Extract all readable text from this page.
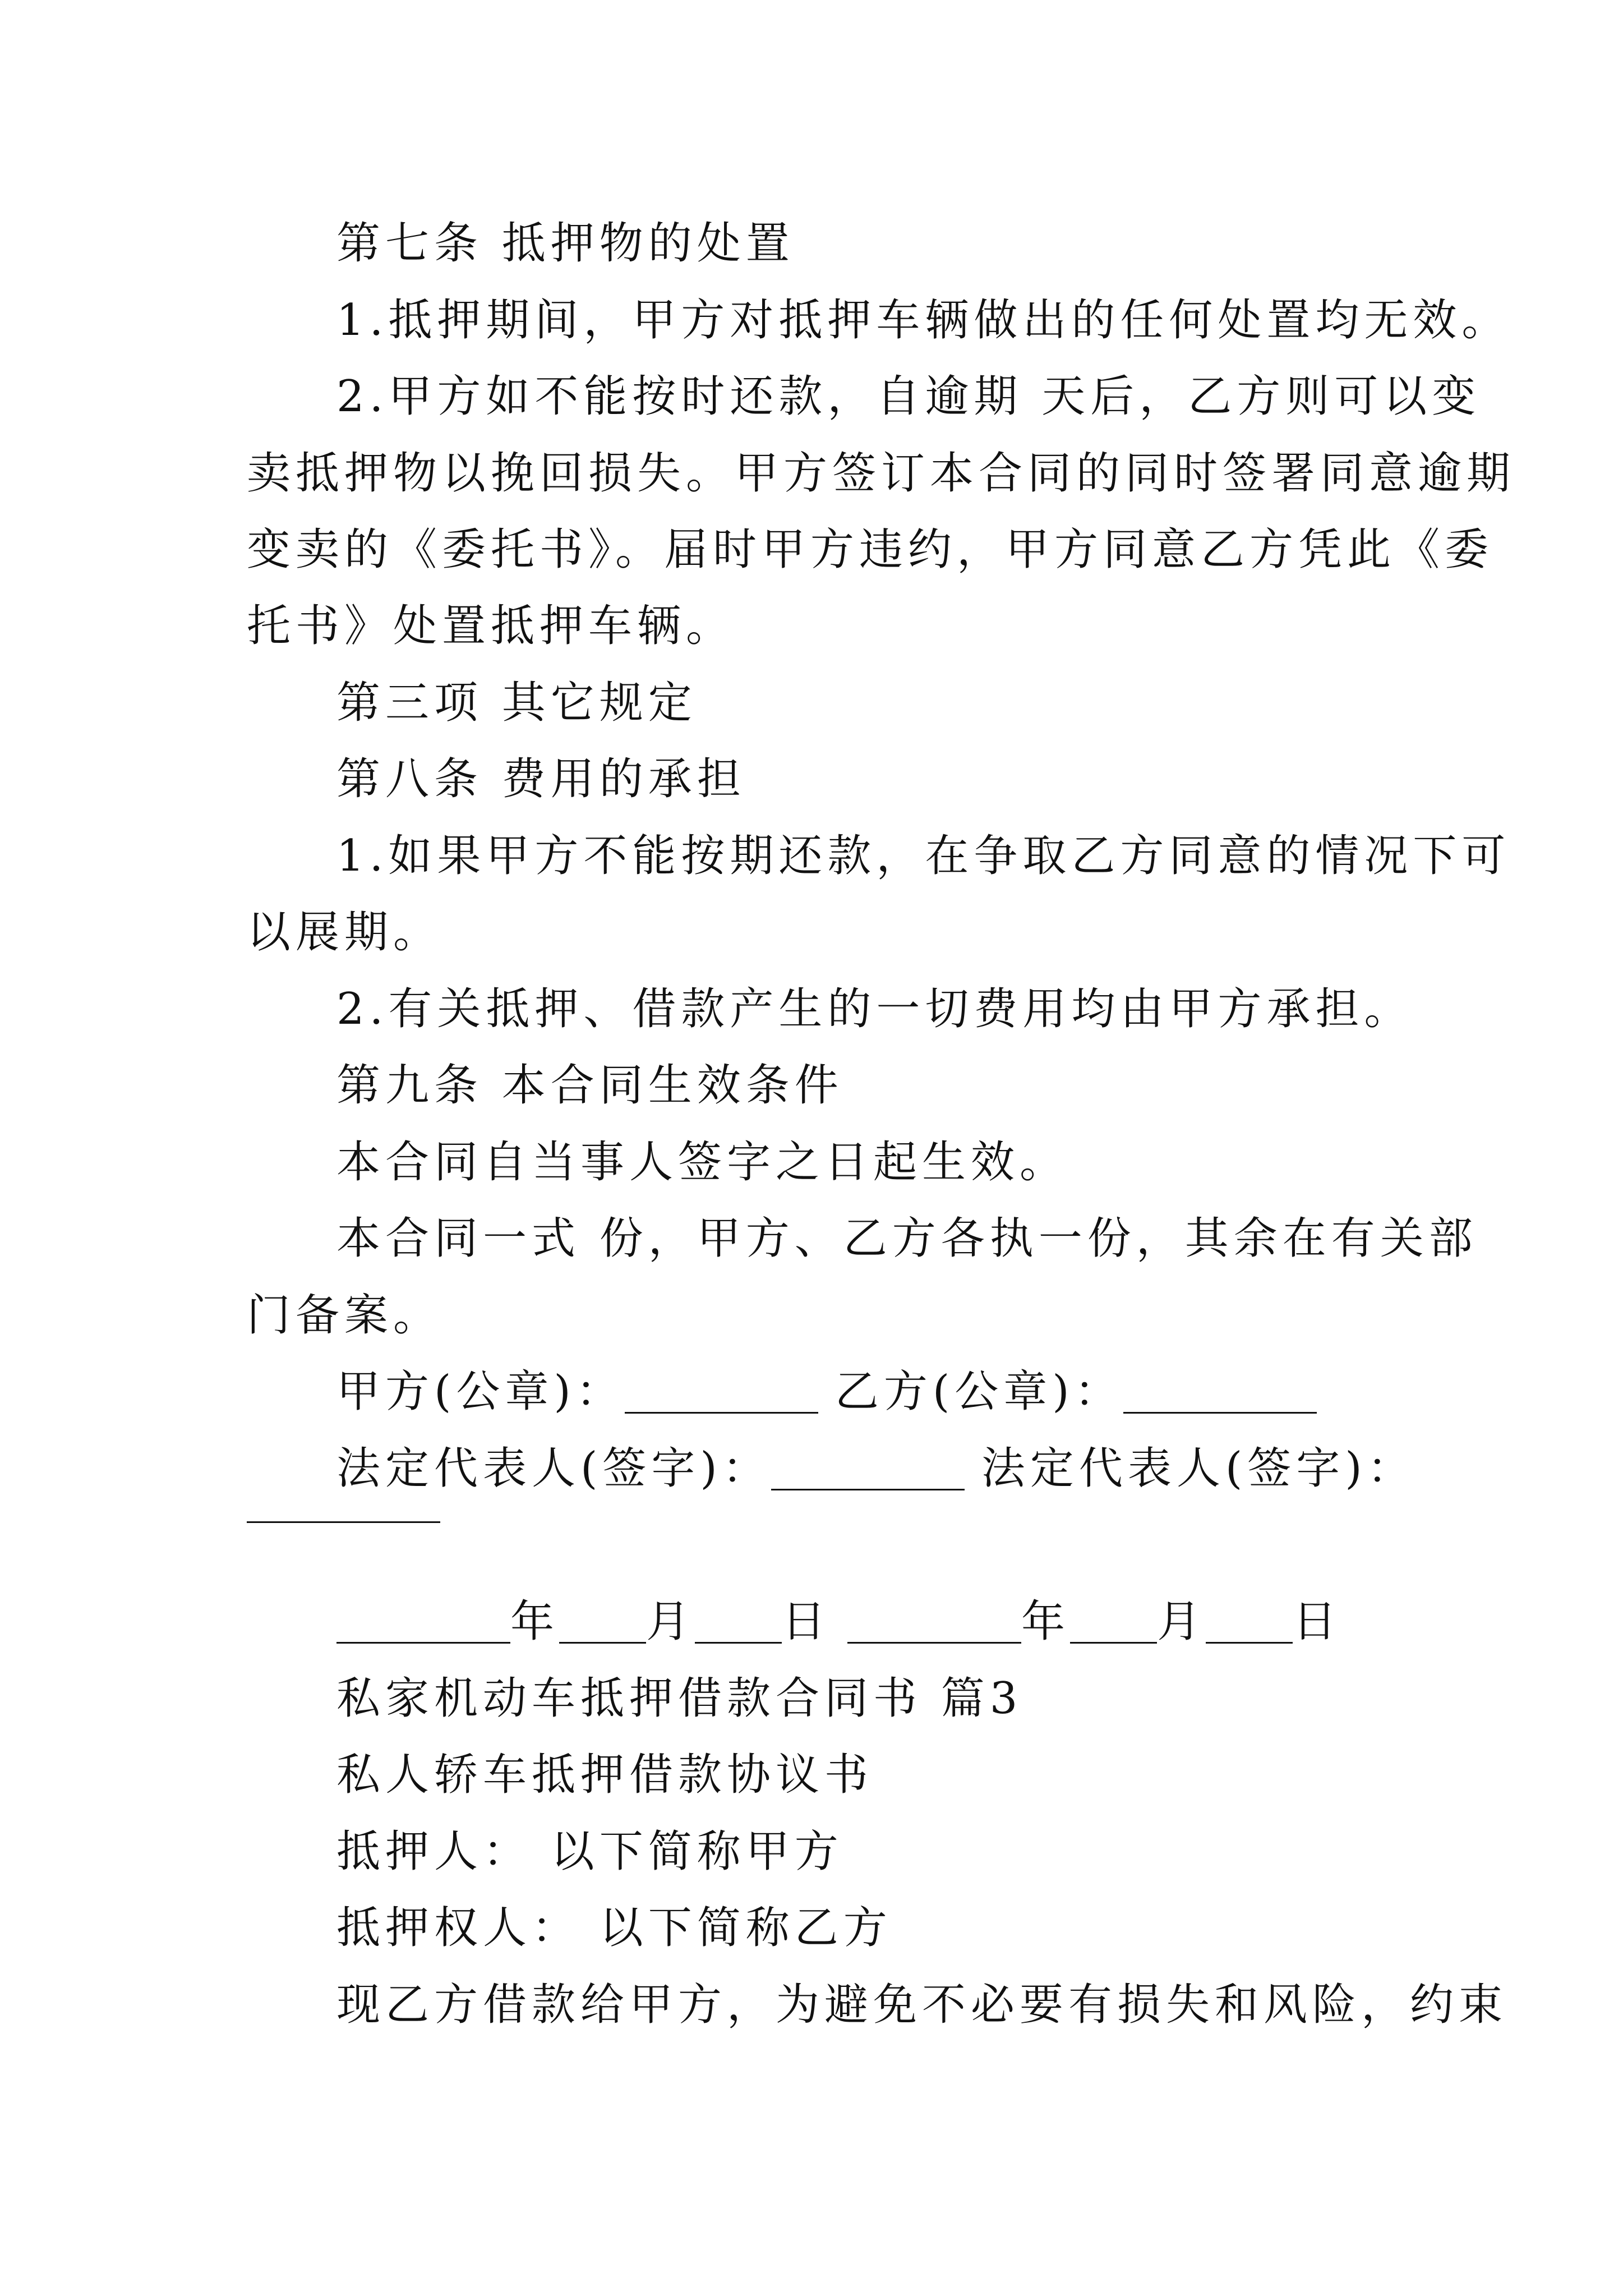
第七条 抵押物的处置
1.抵押期间，甲方对抵押车辆做出的任何处置均无效。
2.甲方如不能按时还款，自逾期 天后，乙方则可以变
卖抵押物以挽回损失。甲方签订本合同的同时签署同意逾期
变卖的《委托书》。届时甲方违约，甲方同意乙方凭此《委
托书》处置抵押车辆。
第三项 其它规定
第八条 费用的承担
1.如果甲方不能按期还款，在争取乙方同意的情况下可
以展期。
2.有关抵押、借款产生的一切费用均由甲方承担。
第九条 本合同生效条件
本合同自当事人签字之日起生效。
本合同一式 份，甲方、乙方各执一份，其余在有关部
门备案。
甲方(公章)：	乙方(公章)：
法定代表人(签字)：	法定代表人(签字)：
年 月 日	年 月 日
私家机动车抵押借款合同书 篇3
私人轿车抵押借款协议书
抵押人： 以下简称甲方
抵押权人： 以下简称乙方
现乙方借款给甲方，为避免不必要有损失和风险，约束
